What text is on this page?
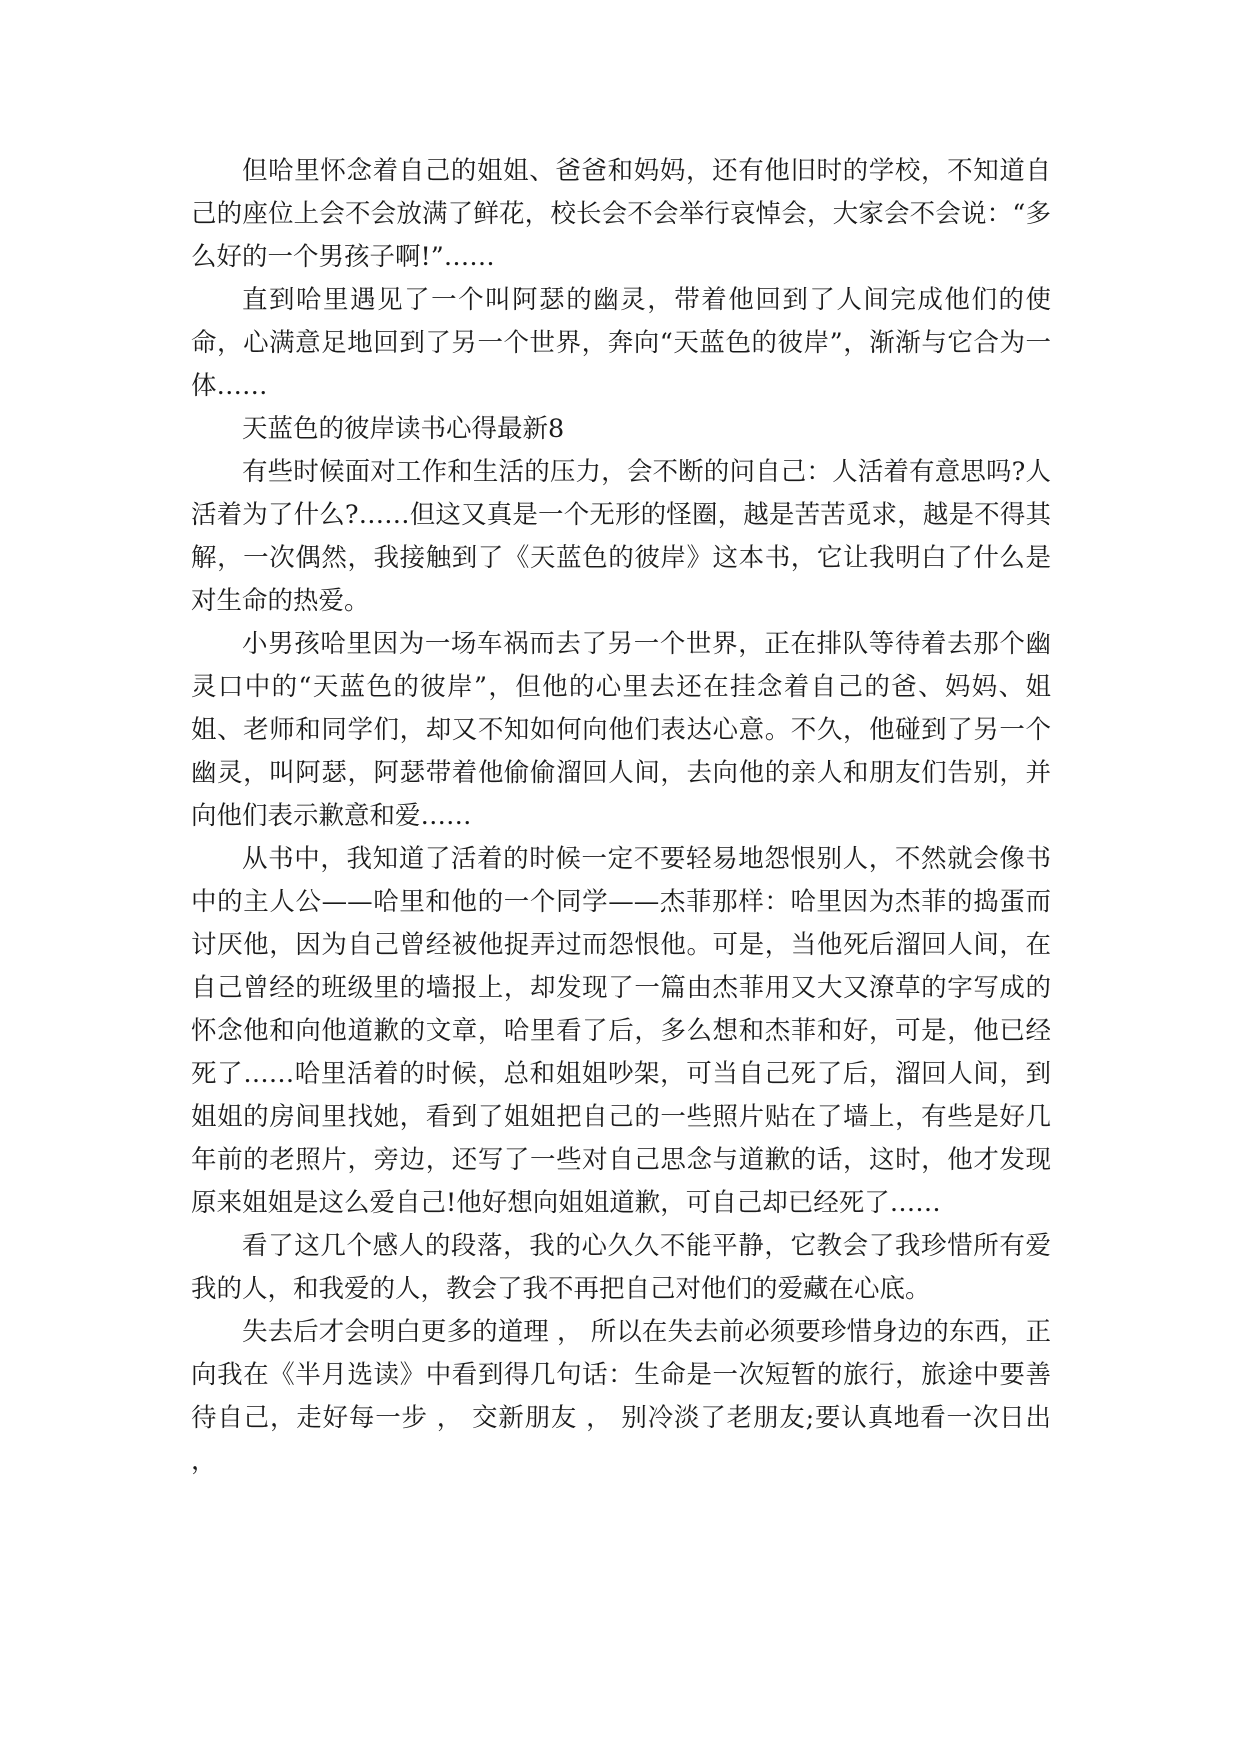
但哈里怀念着自己的姐姐、爸爸和妈妈，还有他旧时的学校，不知道自己的座位上会不会放满了鲜花，校长会不会举行哀悼会，大家会不会说：“多么好的一个男孩子啊!”……

直到哈里遇见了一个叫阿瑟的幽灵，带着他回到了人间完成他们的使命，心满意足地回到了另一个世界，奔向“天蓝色的彼岸”，渐渐与它合为一体……

天蓝色的彼岸读书心得最新8

有些时候面对工作和生活的压力，会不断的问自己：人活着有意思吗?人活着为了什么?……但这又真是一个无形的怪圈，越是苦苦觅求，越是不得其解，一次偶然，我接触到了《天蓝色的彼岸》这本书，它让我明白了什么是对生命的热爱。

小男孩哈里因为一场车祸而去了另一个世界，正在排队等待着去那个幽灵口中的“天蓝色的彼岸”，但他的心里去还在挂念着自己的爸、妈妈、姐姐、老师和同学们，却又不知如何向他们表达心意。不久，他碰到了另一个幽灵，叫阿瑟，阿瑟带着他偷偷溜回人间，去向他的亲人和朋友们告别，并向他们表示歉意和爱……

从书中，我知道了活着的时候一定不要轻易地怨恨别人，不然就会像书中的主人公——哈里和他的一个同学——杰菲那样：哈里因为杰菲的捣蛋而讨厌他，因为自己曾经被他捉弄过而怨恨他。可是，当他死后溜回人间，在自己曾经的班级里的墙报上，却发现了一篇由杰菲用又大又潦草的字写成的怀念他和向他道歉的文章，哈里看了后，多么想和杰菲和好，可是，他已经死了……哈里活着的时候，总和姐姐吵架，可当自己死了后，溜回人间，到姐姐的房间里找她，看到了姐姐把自己的一些照片贴在了墙上，有些是好几年前的老照片，旁边，还写了一些对自己思念与道歉的话，这时，他才发现原来姐姐是这么爱自己!他好想向姐姐道歉，可自己却已经死了……

看了这几个感人的段落，我的心久久不能平静，它教会了我珍惜所有爱我的人，和我爱的人，教会了我不再把自己对他们的爱藏在心底。

失去后才会明白更多的道理 ， 所以在失去前必须要珍惜身边的东西，正向我在《半月选读》中看到得几句话：生命是一次短暂的旅行，旅途中要善待自己，走好每一步 ， 交新朋友 ， 别冷淡了老朋友;要认真地看一次日出 ，
